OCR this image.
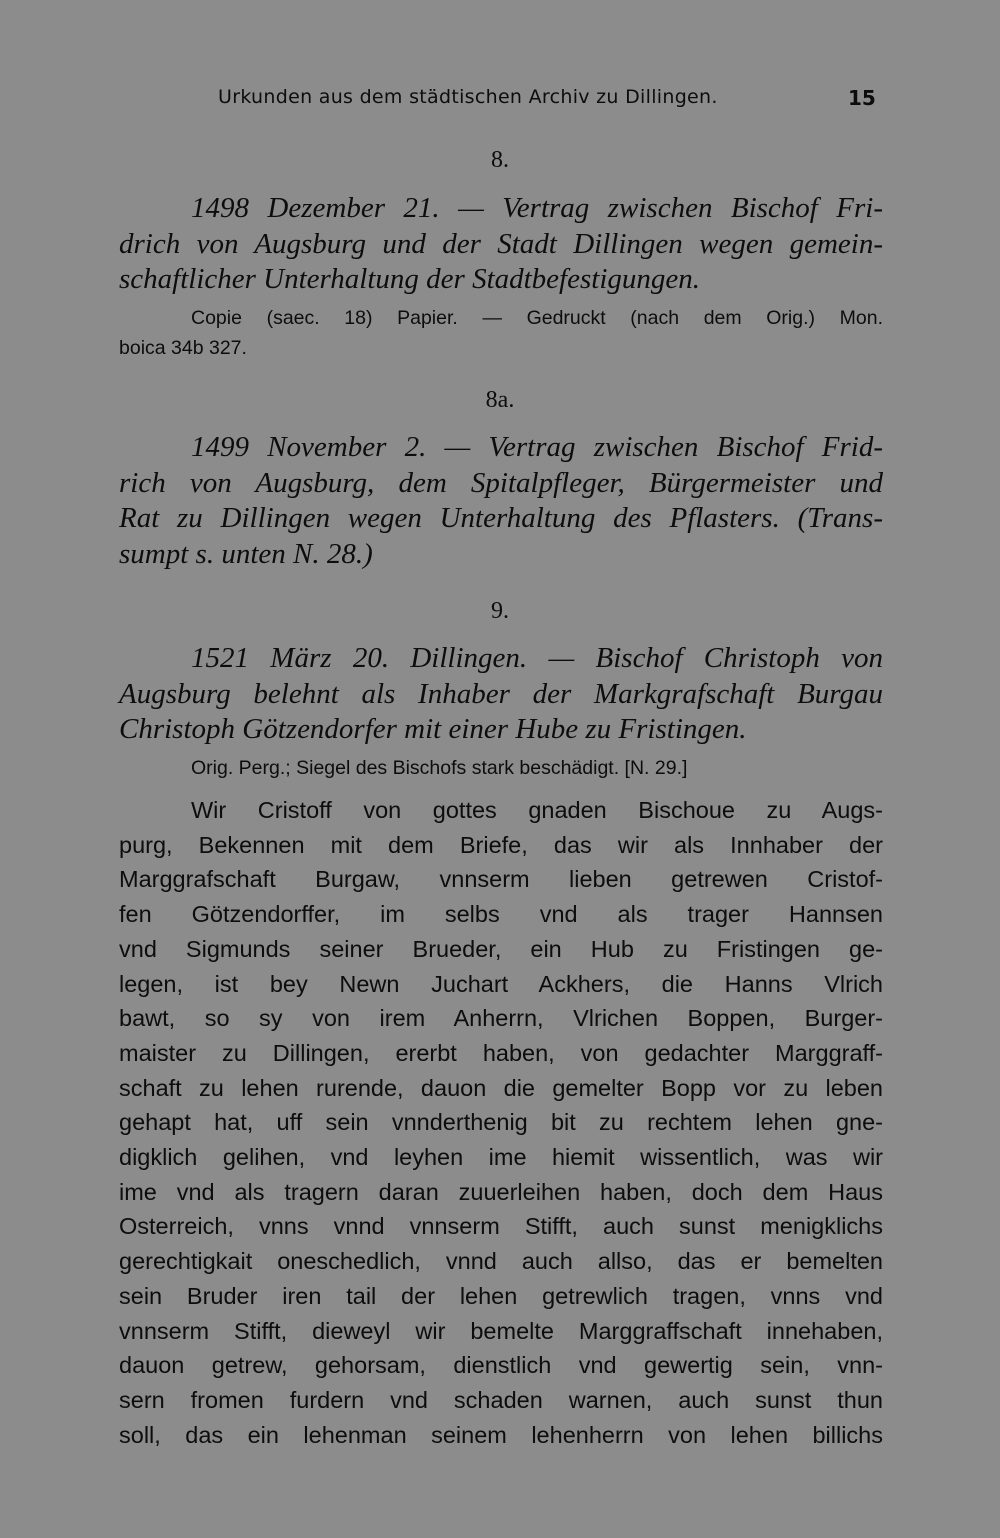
Urkunden aus dem städtischen Archiv zu Dillingen.	15
8.
1498 Dezember 21. — Vertrag zwischen Bischof Fri-
drich von Augsburg und der Stadt Dillingen wegen gemein-
schaftlicher Unterhaltung der Stadtbefestigungen.
Copie (saec. 18) Papier. — Gedruckt (nach dem Orig.) Mon.
boica 34b 327.
8a.
1499 November 2. — Vertrag zwischen Bischof Frid-
rich von Augsburg, dem Spitalpfleger, Bürgermeister und
Rat zu Dillingen wegen Unterhaltung des Pflasters. (Trans-
sumpt s. unten N. 28.)
9.
1521 März 20. Dillingen. — Bischof Christoph von
Augsburg belehnt als Inhaber der Markgrafschaft Burgau
Christoph Götzendorfer mit einer Hube zu Fristingen.
Orig. Perg.; Siegel des Bischofs stark beschädigt. [N. 29.]
Wir Cristoff von gottes gnaden Bischoue zu Augs-
purg, Bekennen mit dem Briefe, das wir als Innhaber der
Marggrafschaft Burgaw, vnnserm lieben getrewen Cristof-
fen Götzendorffer, im selbs vnd als trager Hannsen
vnd Sigmunds seiner Brueder, ein Hub zu Fristingen ge-
legen, ist bey Newn Juchart Ackhers, die Hanns Vlrich
bawt, so sy von irem Anherrn, Vlrichen Boppen, Burger-
maister zu Dillingen, ererbt haben, von gedachter Marggraff-
schaft zu lehen rurende, dauon die gemelter Bopp vor zu leben
gehapt hat, uff sein vnnderthenig bit zu rechtem lehen gne-
digklich gelihen, vnd leyhen ime hiemit wissentlich, was wir
ime vnd als tragern daran zuuerleihen haben, doch dem Haus
Osterreich, vnns vnnd vnnserm Stifft, auch sunst menigklichs
gerechtigkait oneschedlich, vnnd auch allso, das er bemelten
sein Bruder iren tail der lehen getrewlich tragen, vnns vnd
vnnserm Stifft, dieweyl wir bemelte Marggraffschaft innehaben,
dauon getrew, gehorsam, dienstlich vnd gewertig sein, vnn-
sern fromen furdern vnd schaden warnen, auch sunst thun
soll, das ein lehenman seinem lehenherrn von lehen billichs
